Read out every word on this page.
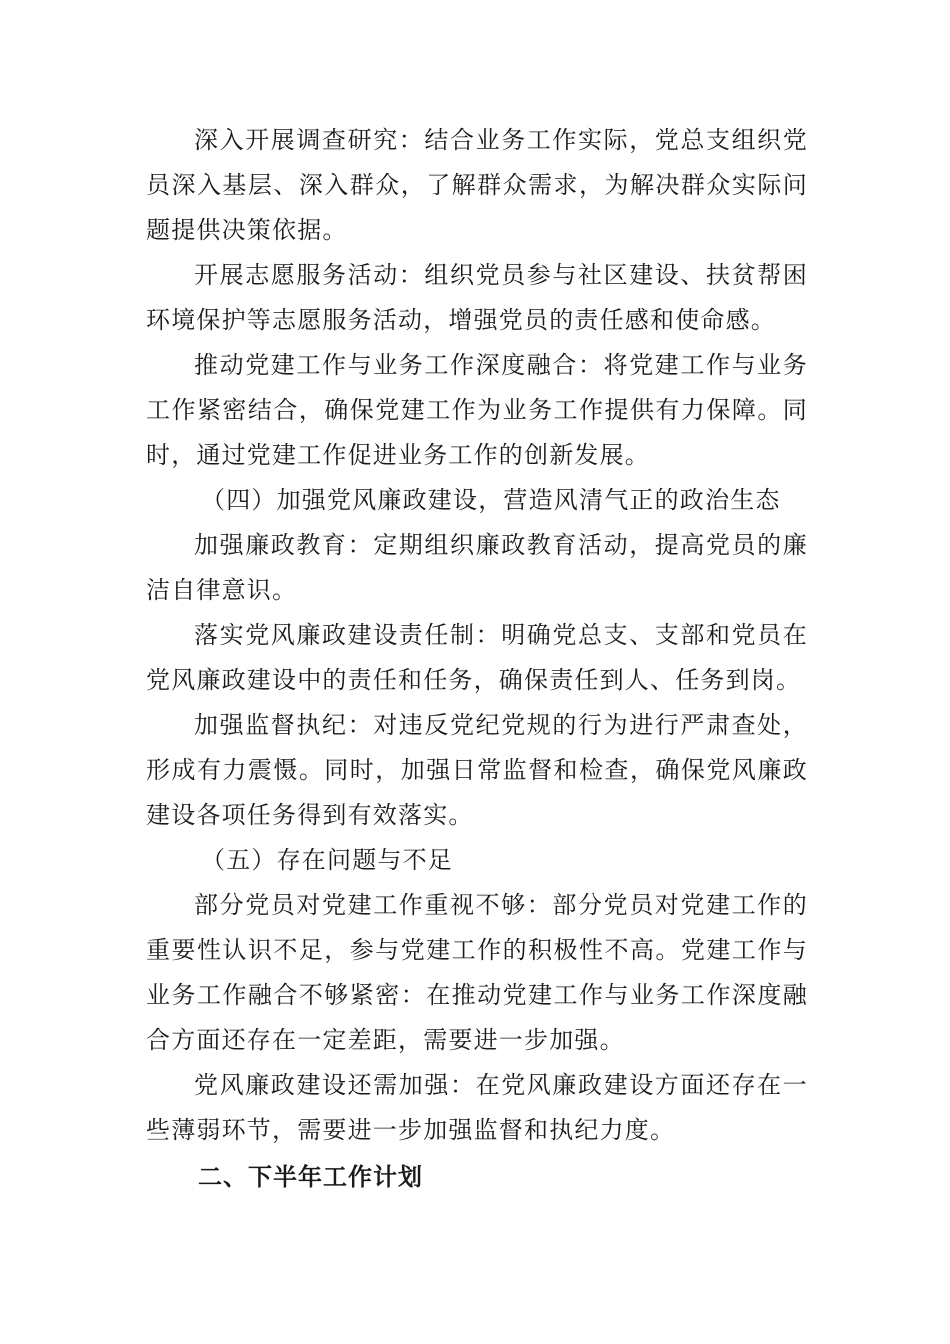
深入开展调查研究：结合业务工作实际，党总支组织党员深入基层、深入群众，了解群众需求，为解决群众实际问题提供决策依据。

开展志愿服务活动：组织党员参与社区建设、扶贫帮困环境保护等志愿服务活动，增强党员的责任感和使命感。

推动党建工作与业务工作深度融合：将党建工作与业务工作紧密结合，确保党建工作为业务工作提供有力保障。同时，通过党建工作促进业务工作的创新发展。

（四）加强党风廉政建设，营造风清气正的政治生态

加强廉政教育：定期组织廉政教育活动，提高党员的廉洁自律意识。

落实党风廉政建设责任制：明确党总支、支部和党员在党风廉政建设中的责任和任务，确保责任到人、任务到岗。

加强监督执纪：对违反党纪党规的行为进行严肃查处，形成有力震慑。同时，加强日常监督和检查，确保党风廉政建设各项任务得到有效落实。

（五）存在问题与不足

部分党员对党建工作重视不够：部分党员对党建工作的重要性认识不足，参与党建工作的积极性不高。党建工作与业务工作融合不够紧密：在推动党建工作与业务工作深度融合方面还存在一定差距，需要进一步加强。

党风廉政建设还需加强：在党风廉政建设方面还存在一些薄弱环节，需要进一步加强监督和执纪力度。

二、下半年工作计划
